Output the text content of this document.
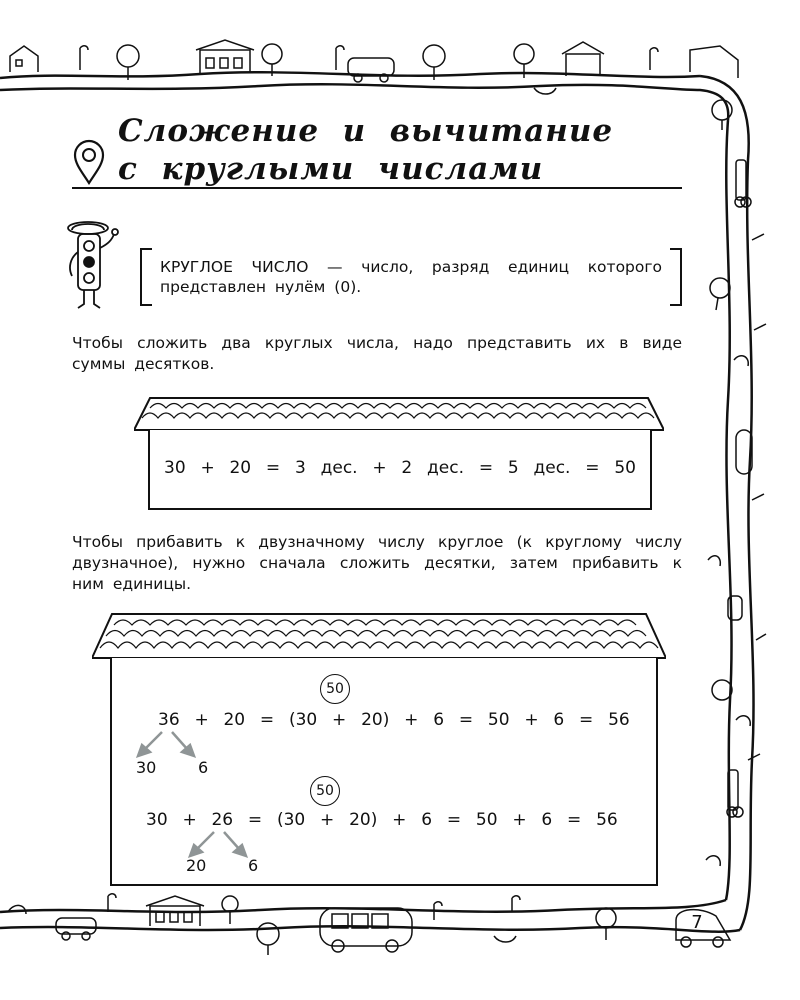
Сложение  и  вычитание
с  круглыми  числами
КРУГЛОЕ ЧИСЛО — число, разряд единиц которого представлен нулём (0).
Чтобы сложить два круглых числа, надо представить их в виде суммы десятков.
30  +  20  =  3  дес.  +  2  дес.  =  5  дес.  =  50
Чтобы прибавить к двузначному числу круглое (к круглому числу двузначное), нужно сначала сложить десятки, затем прибавить к ним единицы.
50
36  +  20  =  (30  +  20)  +  6  =  50  +  6  =  56
30	6
50
30  +  26  =  (30  +  20)  +  6  =  50  +  6  =  56
20	6
7
